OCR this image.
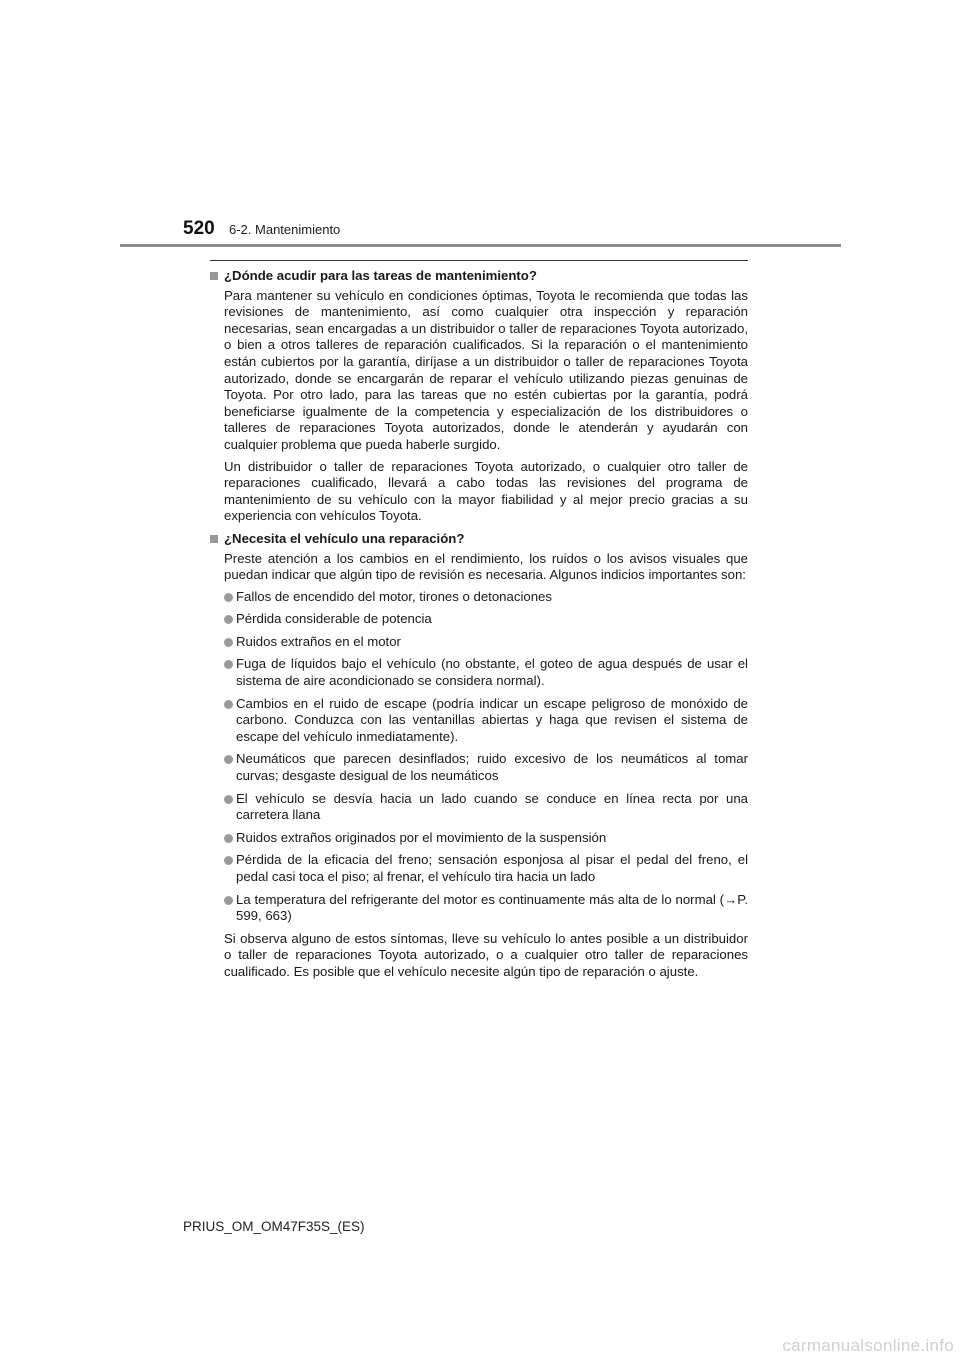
520 6-2. Mantenimiento
¿Dónde acudir para las tareas de mantenimiento?

Para mantener su vehículo en condiciones óptimas, Toyota le recomienda que todas las revisiones de mantenimiento, así como cualquier otra inspección y reparación necesarias, sean encargadas a un distribuidor o taller de reparaciones Toyota autorizado, o bien a otros talleres de reparación cualificados. Si la reparación o el mantenimiento están cubiertos por la garantía, diríjase a un distribuidor o taller de reparaciones Toyota autorizado, donde se encargarán de reparar el vehículo utilizando piezas genuinas de Toyota. Por otro lado, para las tareas que no estén cubiertas por la garantía, podrá beneficiarse igualmente de la competencia y especialización de los distribuidores o talleres de reparaciones Toyota autorizados, donde le atenderán y ayudarán con cualquier problema que pueda haberle surgido.

Un distribuidor o taller de reparaciones Toyota autorizado, o cualquier otro taller de reparaciones cualificado, llevará a cabo todas las revisiones del programa de mantenimiento de su vehículo con la mayor fiabilidad y al mejor precio gracias a su experiencia con vehículos Toyota.

¿Necesita el vehículo una reparación?

Preste atención a los cambios en el rendimiento, los ruidos o los avisos visuales que puedan indicar que algún tipo de revisión es necesaria. Algunos indicios importantes son:

Fallos de encendido del motor, tirones o detonaciones
Pérdida considerable de potencia
Ruidos extraños en el motor
Fuga de líquidos bajo el vehículo (no obstante, el goteo de agua después de usar el sistema de aire acondicionado se considera normal).
Cambios en el ruido de escape (podría indicar un escape peligroso de monóxido de carbono. Conduzca con las ventanillas abiertas y haga que revisen el sistema de escape del vehículo inmediatamente).
Neumáticos que parecen desinflados; ruido excesivo de los neumáticos al tomar curvas; desgaste desigual de los neumáticos
El vehículo se desvía hacia un lado cuando se conduce en línea recta por una carretera llana
Ruidos extraños originados por el movimiento de la suspensión
Pérdida de la eficacia del freno; sensación esponjosa al pisar el pedal del freno, el pedal casi toca el piso; al frenar, el vehículo tira hacia un lado
La temperatura del refrigerante del motor es continuamente más alta de lo normal (→P. 599, 663)

Si observa alguno de estos síntomas, lleve su vehículo lo antes posible a un distribuidor o taller de reparaciones Toyota autorizado, o a cualquier otro taller de reparaciones cualificado. Es posible que el vehículo necesite algún tipo de reparación o ajuste.

PRIUS_OM_OM47F35S_(ES)
carmanualsonline.info
